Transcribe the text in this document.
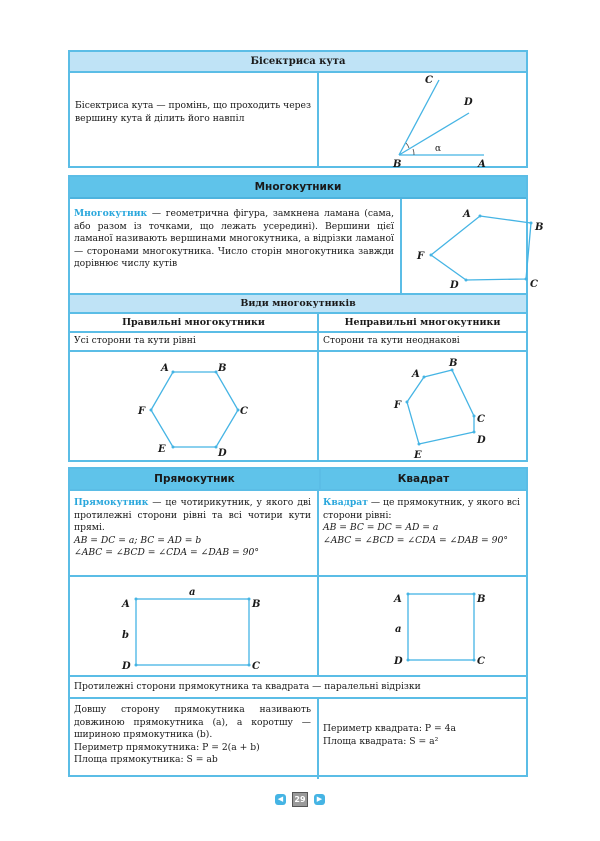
Бісектриса кута
Бісектриса кута — промінь, що проходить через вершину кута й ділить його навпіл
C
D
B	A
α
Многокутники
Многокутник — геометрична фігура, замкнена ламана (сама, або разом із точками, що лежать усередині). Вершини цієї ламаної називають вершинами многокутника, а відрізки ламаної — сторонами многокутника. Число сторін многокутника завжди дорівнює числу кутів
A
B
C
D
F
Види многокутників
Правильні многокутники	Неправильні многокутники
Усі сторони та кути рівні	Сторони та кути неоднакові
A	B
C
D
E
F
A
B
C
D
E
F
Прямокутник	Квадрат
Прямокутник — це чотирикутник, у якого дві протилежні сторони рівні та всі чотири кути прямі.
AB = DC = a; BC = AD = b
∠ABC = ∠BCD = ∠CDA = ∠DAB = 90°
Квадрат — це прямокутник, у якого всі сторони рівні:
AB = BC = DC = AD = a
∠ABC = ∠BCD = ∠CDA = ∠DAB = 90°
A	B
C
D
a
b
A	B
C
D
a
Протилежні сторони прямокутника та квадрата — паралельні відрізки
Довшу сторону прямокутника називають довжиною прямокутника (a), а коротшу — шириною прямокутника (b).
Периметр прямокутника: P = 2(a + b)
Площа прямокутника: S = ab
Периметр квадрата: P = 4a
Площа квадрата: S = a²
◀	29	▶
